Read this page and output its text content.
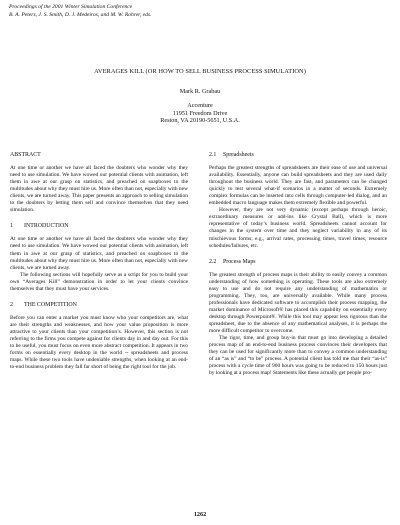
Proceedings of the 2001 Winter Simulation Conference
B. A. Peters, J. S. Smith, D. J. Medeiros, and M. W. Rohrer, eds.
AVERAGES KILL (OR HOW TO SELL BUSINESS PROCESS SIMULATION)
Mark R. Grabau
Accenture
11951 Freedom Drive
Reston, VA 20190-5651, U.S.A.
ABSTRACT

At one time or another we have all faced the doubters who wonder why they need to use simulation. We have wowed our potential clients with animation, left them in awe at our grasp on statistics, and preached on soapboxes to the multitudes about why they must hire us. More often than not, especially with new clients, we are turned away. This paper presents an approach to selling simulation to the doubters by letting them sell and convince themselves that they need simulation.

1 INTRODUCTION

At one time or another we have all faced the doubters who wonder why they need to use simulation. We have wowed our potential clients with animation, left them in awe at our grasp of statistics, and preached on soapboxes to the multitudes about why they must hire us. More often than not, especially with new clients, we are turned away.

The following sections will hopefully serve as a script for you to build your own “Averages Kill” demonstration in order to let your clients convince themselves that they must have your services.

2 THE COMPETITION

Before you can enter a market you must know who your competitors are, what are their strengths and weaknesses, and how your value proposition is more attractive to your clients than your competition’s. However, this section is not referring to the firms you compete against for clients day in and day out. For this to be useful, you must focus on even more abstract competition. It appears in two forms on essentially every desktop in the world -- spreadsheets and process maps. While these two tools have undeniable strengths, when looking at an end-to-end business problem they fall far short of being the right tool for the job.

2.1 Spreadsheets

Perhaps the greatest strengths of spreadsheets are their ease of use and universal availability. Essentially, anyone can build spreadsheets and they are used daily throughout the business world. They are fast, and parameters can be changed quickly to test several what-if scenarios in a matter of seconds. Extremely complex formulas can be inserted into cells through computer-led dialog, and an embedded macro language makes them extremely flexible and powerful.

However, they are not very dynamic (except perhaps through heroic, extraordinary measures or add-ins like Crystal Ball), which is more representative of today’s business world. Spreadsheets cannot account for changes in the system over time and they neglect variability in any of its mischievous forms; e.g., arrival rates, processing times, travel times, resource schedules/failures, etc.

2.2 Process Maps

The greatest strength of process maps is their ability to easily convey a common understanding of how something is operating. These tools are also extremely easy to use and do not require any understanding of mathematics or programming. They, too, are universally available. While many process professionals have dedicated software to accomplish their process mapping, the market dominance of Microsoft® has placed this capability on essentially every desktop through Powerpoint®. While this tool may appear less rigorous than the spreadsheet, due to the absence of any mathematical analyses, it is perhaps the more difficult competitor to overcome.

The rigor, time, and group buy-in that must go into developing a detailed process map of an end-to-end business process convinces their developers that they can be used for significantly more than to convey a common understanding of an “as is” and “to be” process. A potential client has told me that their “as-is” process with a cycle time of 900 hours was going to be reduced to 150 hours just by looking at a process map! Statements like these actually get people pro-

1262
